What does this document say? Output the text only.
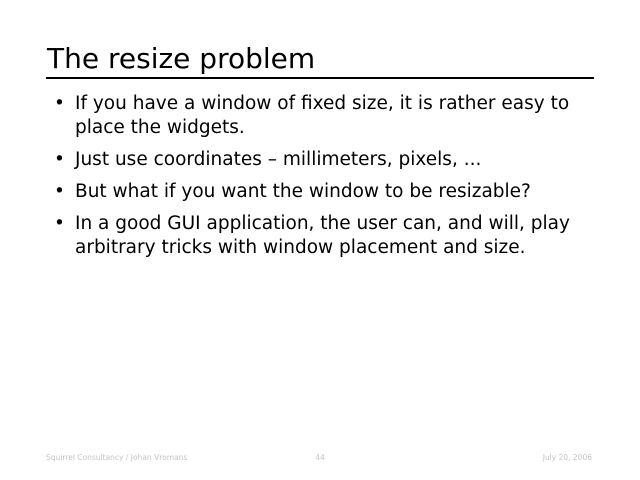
The resize problem
• If you have a window of fixed size, it is rather easy to place the widgets.
• Just use coordinates – millimeters, pixels, ...
• But what if you want the window to be resizable?
• In a good GUI application, the user can, and will, play arbitrary tricks with window placement and size.
Squirrel Consultancy / Johan Vromans	44	July 20, 2006
